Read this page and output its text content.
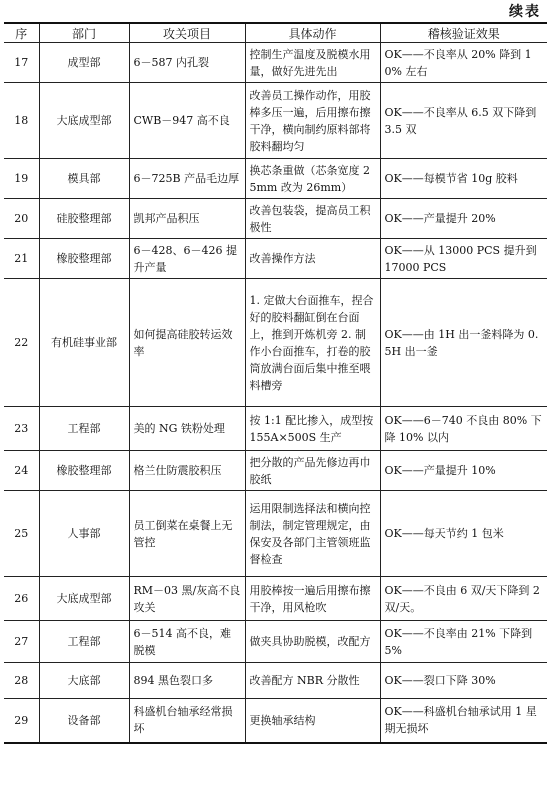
续表
序	部门	攻关项目	具体动作	稽核验证效果
17	成型部	6－587 内孔裂	控制生产温度及脱模水用量，做好先进先出	OK——不良率从 20% 降到 10% 左右
18	大底成型部	CWB－947 高不良	改善员工操作动作，用胶棒多压一遍，后用擦布擦干净，横向制约原料部将胶料翻均匀	OK——不良率从 6.5 双下降到 3.5 双
19	模具部	6－725B 产品毛边厚	换芯条重做（芯条宽度 25mm 改为 26mm）	OK——每模节省 10g 胶料
20	硅胶整理部	凯邦产品积压	改善包装袋，提高员工积极性	OK——产量提升 20%
21	橡胶整理部	6－428、6－426 提升产量	改善操作方法	OK——从 13000 PCS 提升到 17000 PCS
22	有机硅事业部	如何提高硅胶转运效率	1. 定做大台面推车，捏合好的胶料翻缸倒在台面上，推到开炼机旁 2. 制作小台面推车，打卷的胶筒放满台面后集中推至喂料槽旁	OK——由 1H 出一釜料降为 0.5H 出一釜
23	工程部	美的 NG 铁粉处理	按 1:1 配比掺入，成型按 155A×500S 生产	OK——6－740 不良由 80% 下降 10% 以内
24	橡胶整理部	格兰仕防震胶积压	把分散的产品先修边再巾胶纸	OK——产量提升 10%
25	人事部	员工倒菜在桌餐上无管控	运用限制选择法和横向控制法，制定管理规定，由保安及各部门主管领班监督检查	OK——每天节约 1 包米
26	大底成型部	RM－03 黑/灰高不良攻关	用胶棒按一遍后用擦布擦干净，用风枪吹	OK——不良由 6 双/天下降到 2 双/天。
27	工程部	6－514 高不良，难脱模	做夹具协助脱模，改配方	OK——不良率由 21% 下降到 5%
28	大底部	894 黑色裂口多	改善配方 NBR 分散性	OK——裂口下降 30%
29	设备部	科盛机台轴承经常损坏	更换轴承结构	OK——科盛机台轴承试用 1 星期无损坏
